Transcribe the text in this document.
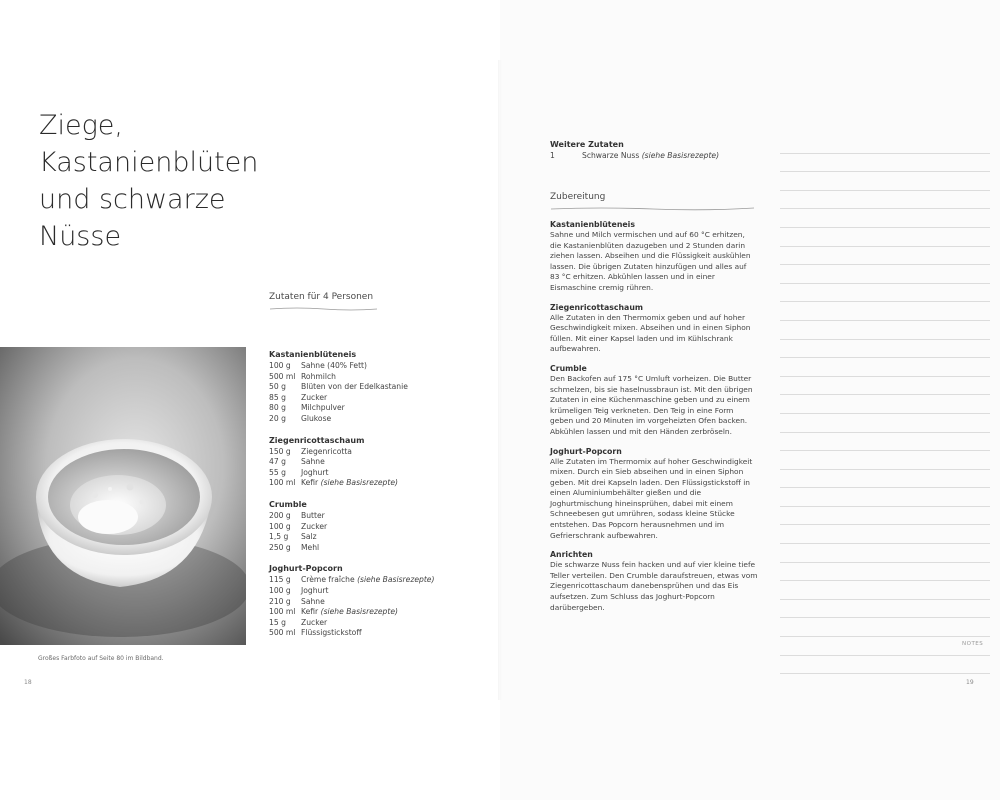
Ziege,
Kastanienblüten
und schwarze
Nüsse
Großes Farbfoto auf Seite 80 im Bildband.
18
Zutaten für 4 Personen
Kastanienblüteneis
100 g	Sahne (40% Fett)
500 ml Rohmilch
50 g	Blüten von der Edelkastanie
85 g	Zucker
80 g	Milchpulver
20 g	Glukose
Ziegenricottaschaum
150 g	Ziegenricotta
47 g	Sahne
55 g	Joghurt
100 ml Kefir (siehe Basisrezepte)
Crumble
200 g	Butter
100 g	Zucker
1,5 g	Salz
250 g	Mehl
Joghurt-Popcorn
115 g	Crème fraîche (siehe Basisrezepte)
100 g	Joghurt
210 g	Sahne
100 ml Kefir (siehe Basisrezepte)
15 g	Zucker
500 ml Flüssigstickstoff
Weitere Zutaten
1	Schwarze Nuss (siehe Basisrezepte)
Zubereitung
Kastanienblüteneis
Sahne und Milch vermischen und auf 60 °C erhitzen, die Kastanienblüten dazugeben und 2 Stunden darin ziehen lassen. Abseihen und die Flüssigkeit auskühlen lassen. Die übrigen Zutaten hinzufügen und alles auf 83 °C erhitzen. Abkühlen lassen und in einer Eismaschine cremig rühren.
Ziegenricottaschaum
Alle Zutaten in den Thermomix geben und auf hoher Geschwindigkeit mixen. Abseihen und in einen Siphon füllen. Mit einer Kapsel laden und im Kühlschrank aufbewahren.
Crumble
Den Backofen auf 175 °C Umluft vorheizen. Die Butter schmelzen, bis sie haselnussbraun ist. Mit den übrigen Zutaten in eine Küchenmaschine geben und zu einem krümeligen Teig verkneten. Den Teig in eine Form geben und 20 Minuten im vorgeheizten Ofen backen. Abkühlen lassen und mit den Händen zerbröseln.
Joghurt-Popcorn
Alle Zutaten im Thermomix auf hoher Geschwindigkeit mixen. Durch ein Sieb abseihen und in einen Siphon geben. Mit drei Kapseln laden. Den Flüssigstickstoff in einen Aluminiumbehälter gießen und die Joghurtmischung hineinsprühen, dabei mit einem Schneebesen gut umrühren, sodass kleine Stücke entstehen. Das Popcorn herausnehmen und im Gefrierschrank aufbewahren.
Anrichten
Die schwarze Nuss fein hacken und auf vier kleine tiefe Teller verteilen. Den Crumble daraufstreuen, etwas vom Ziegenricottaschaum danebensprühen und das Eis aufsetzen. Zum Schluss das Joghurt-Popcorn darübergeben.
NOTES
19
